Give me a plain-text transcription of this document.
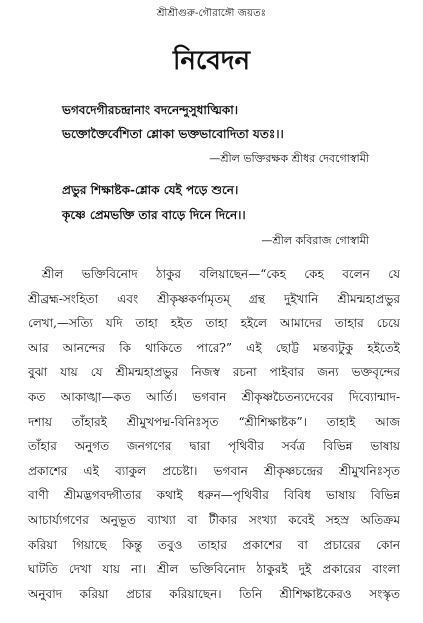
শ্রীশ্রীগুরু-গৌরাঙ্গৌ জয়তঃ
নিবেদন
ভগবদেগীরচন্দ্রানাং বদনেন্দুসুধাত্মিকা।
ভক্তোক্তৈর্বেশিতা শ্লোকা ভক্তভাবোদিতা যতঃ।।
—শ্রীল ভক্তিরক্ষক শ্রীধর দেবগোস্বামী
প্রভুর শিক্ষাষ্টক-শ্লোক যেই পড়ে শুনে।
কৃষ্ণে প্রেমভক্তি তার বাড়ে দিনে দিনে।।
—শ্রীল কবিরাজ গোস্বামী
শ্রীল ভক্তিবিনোদ ঠাকুর বলিয়াছেন—“কেহ কেহ বলেন যে
শ্রীব্রহ্ম-সংহিতা এবং শ্রীকৃষ্ণকর্ণামৃতম্ গ্রন্থ দুইখানি শ্রীমন্মহাপ্রভুর
লেখা,—সত্যি যদি তাহা হইত তাহা হইলে আমাদের তাহার চেয়ে
আর আনন্দের কি থাকিতে পারে?” এই ছোট্ট মন্তব্যটুকু হইতেই
বুঝা যায় যে শ্রীমন্মহাপ্রভুর নিজস্ব রচনা পাইবার জন্য ভক্তবৃন্দের
কত আকাঙ্খা—কত আর্তি। ভগবান শ্রীকৃষ্ণচৈতন্যদেবের দিব্যোন্মাদ-
দশায় তাঁহারই শ্রীমুখপদ্ম-বিনিঃসৃত “শ্রীশিক্ষাষ্টক”। তাহাই আজ
তাঁহার অনুগত জনগণের দ্বারা পৃথিবীর সর্বত্র বিভিন্ন ভাষায়
প্রকাশের এই ব্যাকুল প্রচেষ্টা। ভগবান শ্রীকৃষ্ণচন্দ্রের শ্রীমুখনিঃসৃত
বাণী শ্রীমদ্ভগবদ্গীতার কথাই ধরুন—পৃথিবীর বিবিধ ভাষায় বিভিন্ন
আচার্য্যগণের অনুভূত ব্যাখ্যা বা টীকার সংখ্যা কবেই সহস্র অতিক্রম
করিয়া গিয়াছে কিন্তু তবুও তাহার প্রকাশের বা প্রচারের কোন
ঘাটতি দেখা যায় না। শ্রীল ভক্তিবিনোদ ঠাকুরই দুই প্রকারের বাংলা
অনুবাদ করিয়া প্রচার করিয়াছেন। তিনি শ্রীশিক্ষাষ্টকেরও সংস্কৃত
